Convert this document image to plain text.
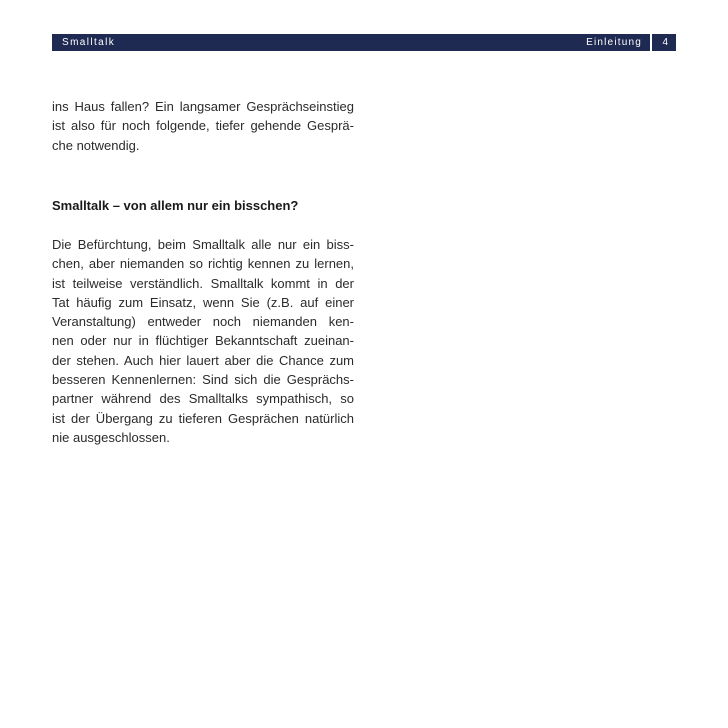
Smalltalk	Einleitung 4
ins Haus fallen? Ein langsamer Gesprächseinstieg
ist also für noch folgende, tiefer gehende Gesprä-
che notwendig.
Smalltalk – von allem nur ein bisschen?
Die Befürchtung, beim Smalltalk alle nur ein biss-
chen, aber niemanden so richtig kennen zu lernen,
ist teilweise verständlich. Smalltalk kommt in der
Tat häufig zum Einsatz, wenn Sie (z.B. auf einer
Veranstaltung) entweder noch niemanden ken-
nen oder nur in flüchtiger Bekanntschaft zueinan-
der stehen. Auch hier lauert aber die Chance zum
besseren Kennenlernen: Sind sich die Gesprächs-
partner während des Smalltalks sympathisch, so
ist der Übergang zu tieferen Gesprächen natürlich
nie ausgeschlossen.
